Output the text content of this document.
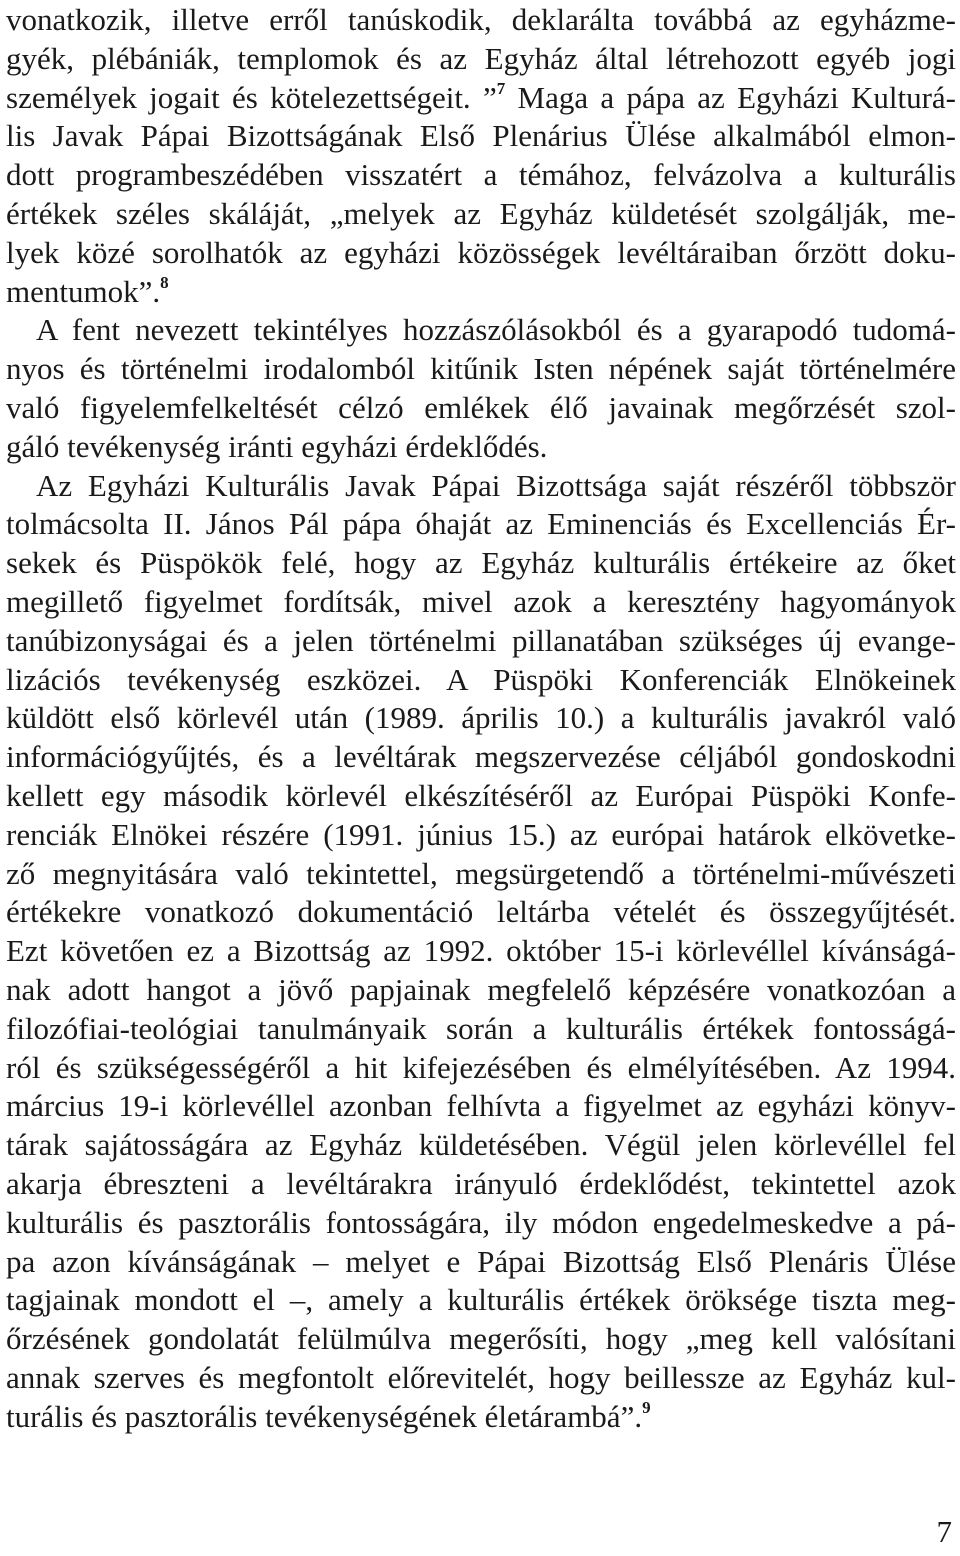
vonatkozik, illetve erről tanúskodik, deklarálta továbbá az egyházme-
gyék, plébániák, templomok és az Egyház által létrehozott egyéb jogi
személyek jogait és kötelezettségeit. ”$^7$ Maga a pápa az Egyházi Kulturá-
lis Javak Pápai Bizottságának Első Plenárius Ülése alkalmából elmon-
dott programbeszédében visszatért a témához, felvázolva a kulturális
értékek széles skáláját, „melyek az Egyház küldetését szolgálják, me-
lyek közé sorolhatók az egyházi közösségek levéltáraiban őrzött doku-
mentumok”.$^8$
A fent nevezett tekintélyes hozzászólásokból és a gyarapodó tudomá-
nyos és történelmi irodalomból kitűnik Isten népének saját történelmére
való figyelemfelkeltését célzó emlékek élő javainak megőrzését szol-
gáló tevékenység iránti egyházi érdeklődés.
Az Egyházi Kulturális Javak Pápai Bizottsága saját részéről többször
tolmácsolta II. János Pál pápa óhaját az Eminenciás és Excellenciás Ér-
sekek és Püspökök felé, hogy az Egyház kulturális értékeire az őket
megillető figyelmet fordítsák, mivel azok a keresztény hagyományok
tanúbizonyságai és a jelen történelmi pillanatában szükséges új evange-
lizációs tevékenység eszközei. A Püspöki Konferenciák Elnökeinek
küldött első körlevél után (1989. április 10.) a kulturális javakról való
információgyűjtés, és a levéltárak megszervezése céljából gondoskodni
kellett egy második körlevél elkészítéséről az Európai Püspöki Konfe-
renciák Elnökei részére (1991. június 15.) az európai határok elkövetke-
ző megnyitására való tekintettel, megsürgetendő a történelmi-művészeti
értékekre vonatkozó dokumentáció leltárba vételét és összegyűjtését.
Ezt követően ez a Bizottság az 1992. október 15-i körlevéllel kívánságá-
nak adott hangot a jövő papjainak megfelelő képzésére vonatkozóan a
filozófiai-teológiai tanulmányaik során a kulturális értékek fontosságá-
ról és szükségességéről a hit kifejezésében és elmélyítésében. Az 1994.
március 19-i körlevéllel azonban felhívta a figyelmet az egyházi könyv-
tárak sajátosságára az Egyház küldetésében. Végül jelen körlevéllel fel
akarja ébreszteni a levéltárakra irányuló érdeklődést, tekintettel azok
kulturális és pasztorális fontosságára, ily módon engedelmeskedve a pá-
pa azon kívánságának – melyet e Pápai Bizottság Első Plenáris Ülése
tagjainak mondott el –, amely a kulturális értékek öröksége tiszta meg-
őrzésének gondolatát felülmúlva megerősíti, hogy „meg kell valósítani
annak szerves és megfontolt előrevitelét, hogy beillessze az Egyház kul-
turális és pasztorális tevékenységének életárambá”.$^9$
7
